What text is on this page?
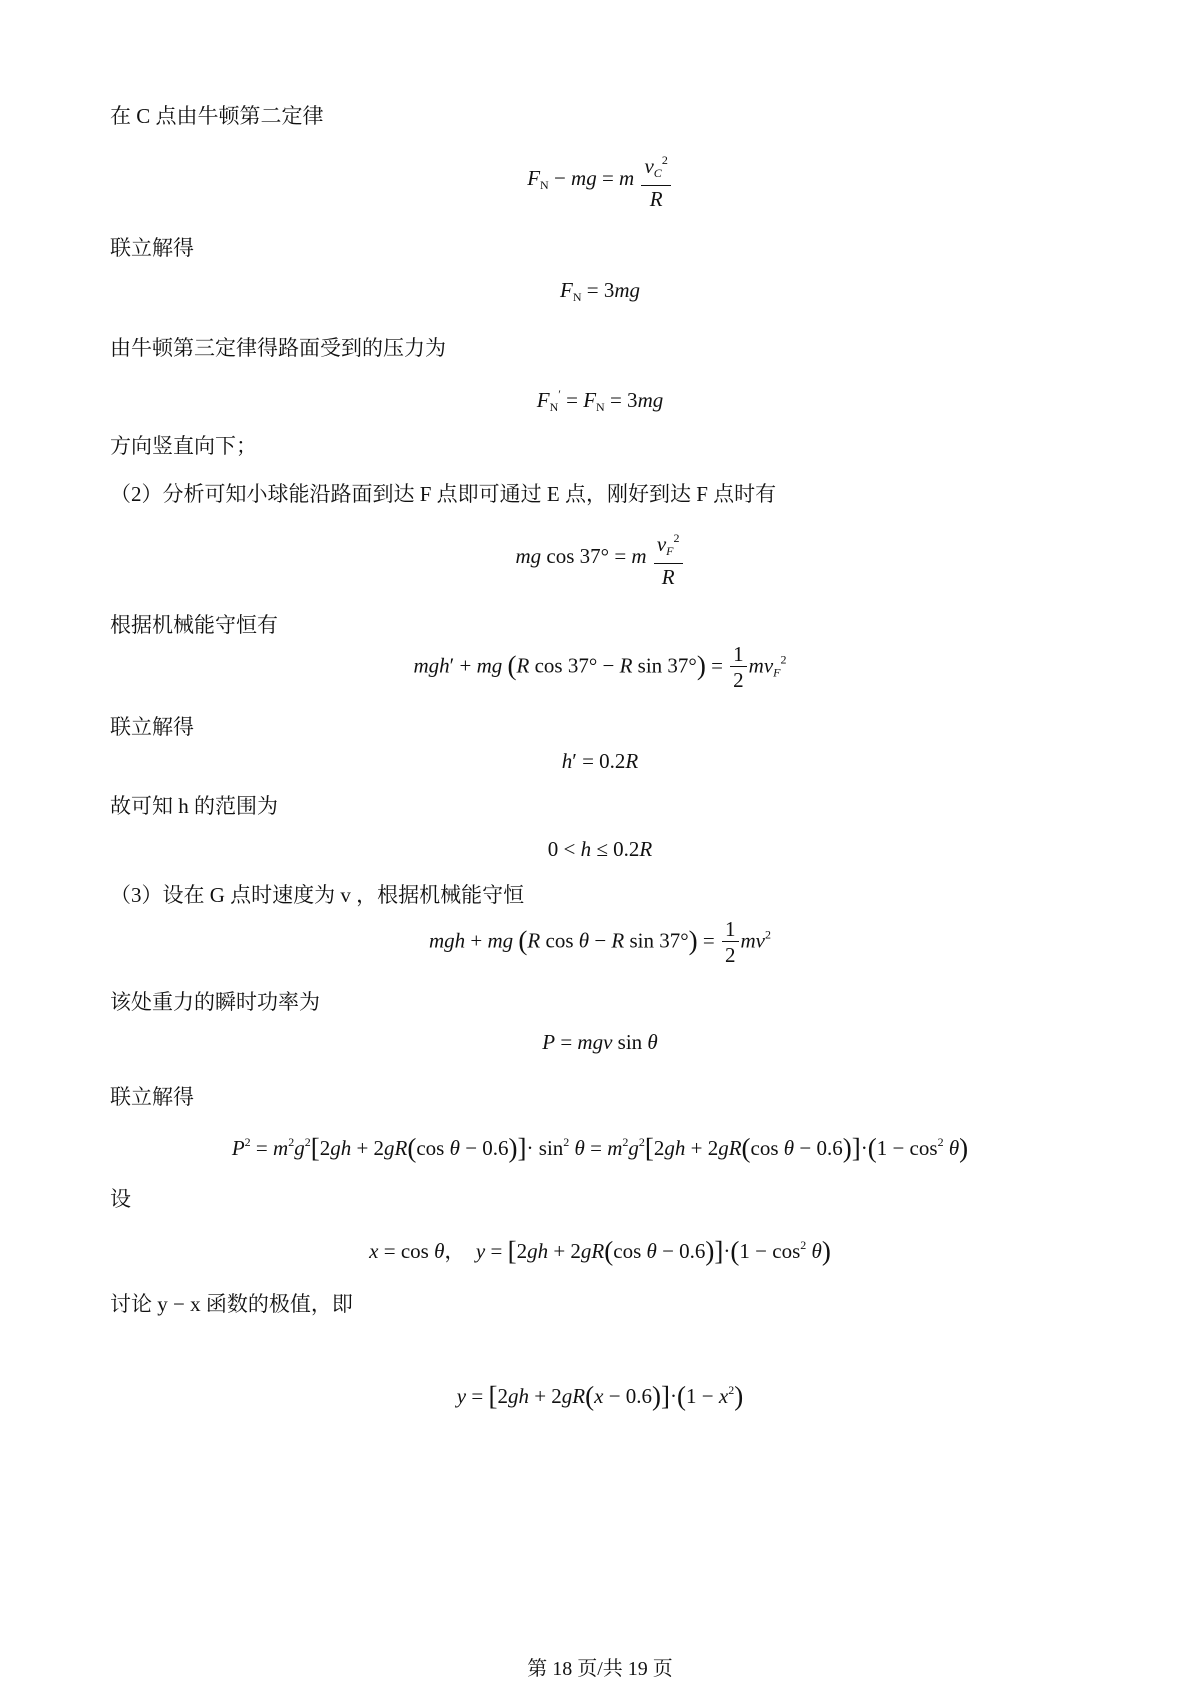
在 C 点由牛顿第二定律
联立解得
由牛顿第三定律得路面受到的压力为
方向竖直向下；
（2）分析可知小球能沿路面到达 F 点即可通过 E 点，刚好到达 F 点时有
根据机械能守恒有
联立解得
故可知 h 的范围为
（3）设在 G 点时速度为 v ，根据机械能守恒
该处重力的瞬时功率为
联立解得
设
讨论 y − x 函数的极值，即
$F_N$ − mg = m $\frac{v_C^2}{R}$
$F_N = 3mg$
$F_N' = F_N = 3mg$
mg cos 37° = m $\frac{v_F^2}{R}$
mgh′ + mg (R cos 37° − R $\sin 37^\circ) = \frac{1}{2} mv_F^2$
h′ = 0.2R
0 < h ≤ 0.2R
mgh + mg (R cos θ − R $\sin 37^\circ) = \frac{1}{2} mv^2$
P = mgv sin θ
$P^2 = m^2g^2[2gh + 2gR(\cos$ $\theta - 0.6)]\cdot \sin^2 \theta = m^2g^2[2gh + 2gR(\cos$ $\theta - 0.6)]\cdot(1 - \cos^2 \theta)$
x = cos θ，  y = [2gh + 2gR(cos $\theta - 0.6)]\cdot(1 - \cos^2 \theta)$
$y = [2gh + 2gR(x - 0.6)]\cdot(1 - x^2)$
第 18 页/共 19 页
